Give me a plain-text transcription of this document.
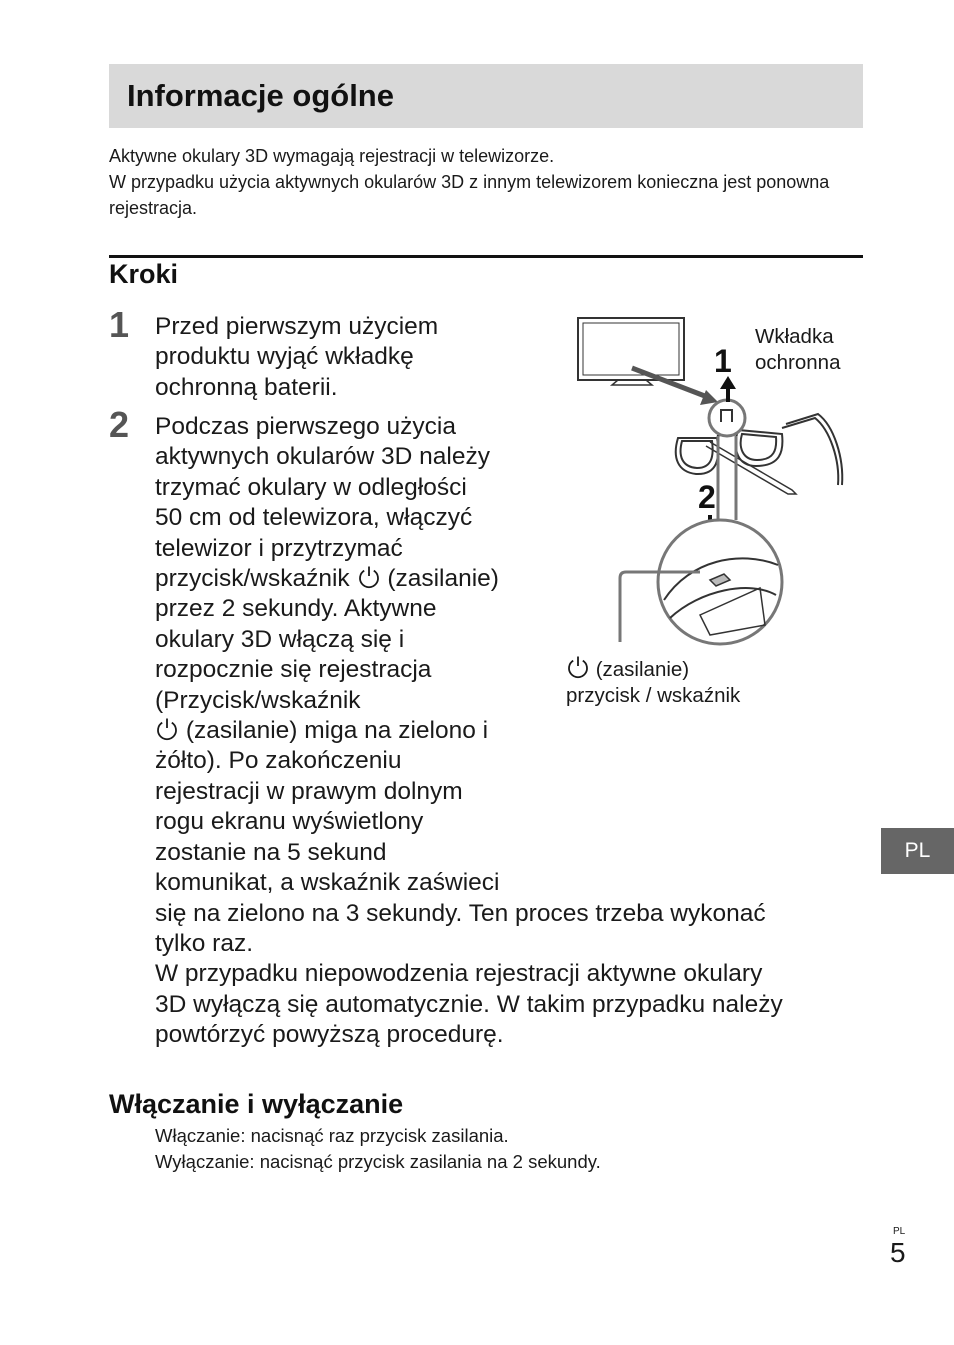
Informacje ogólne

Aktywne okulary 3D wymagają rejestracji w telewizorze.

W przypadku użycia aktywnych okularów 3D z innym telewizorem konieczna jest ponowna rejestracja.

Kroki
1 Przed pierwszym użyciem produktu wyjąć wkładkę ochronną baterii.

2 Podczas pierwszego użycia
aktywnych okularów 3D należy
trzymać okulary w odległości
50 cm od telewizora, włączyć
telewizor i przytrzymać
przycisk/wskaźnik (zasilanie)
przez 2 sekundy. Aktywne
okulary 3D włączą się i
rozpocznie się rejestracja
(Przycisk/wskaźnik
(zasilanie) miga na zielono i
żółto). Po zakończeniu
rejestracji w prawym dolnym
rogu ekranu wyświetlony
zostanie na 5 sekund
komunikat, a wskaźnik zaświeci
się na zielono na 3 sekundy. Ten proces trzeba wykonać
tylko raz.
W przypadku niepowodzenia rejestracji aktywne okulary
3D wyłączą się automatycznie. W takim przypadku należy
powtórzyć powyższą procedurę.
1
2
Wkładka
ochronna
(zasilanie)
przycisk / wskaźnik
PL
Włączanie i wyłączanie

Włączanie: nacisnąć raz przycisk zasilania.

Wyłączanie: nacisnąć przycisk zasilania na 2 sekundy.

PL
5
